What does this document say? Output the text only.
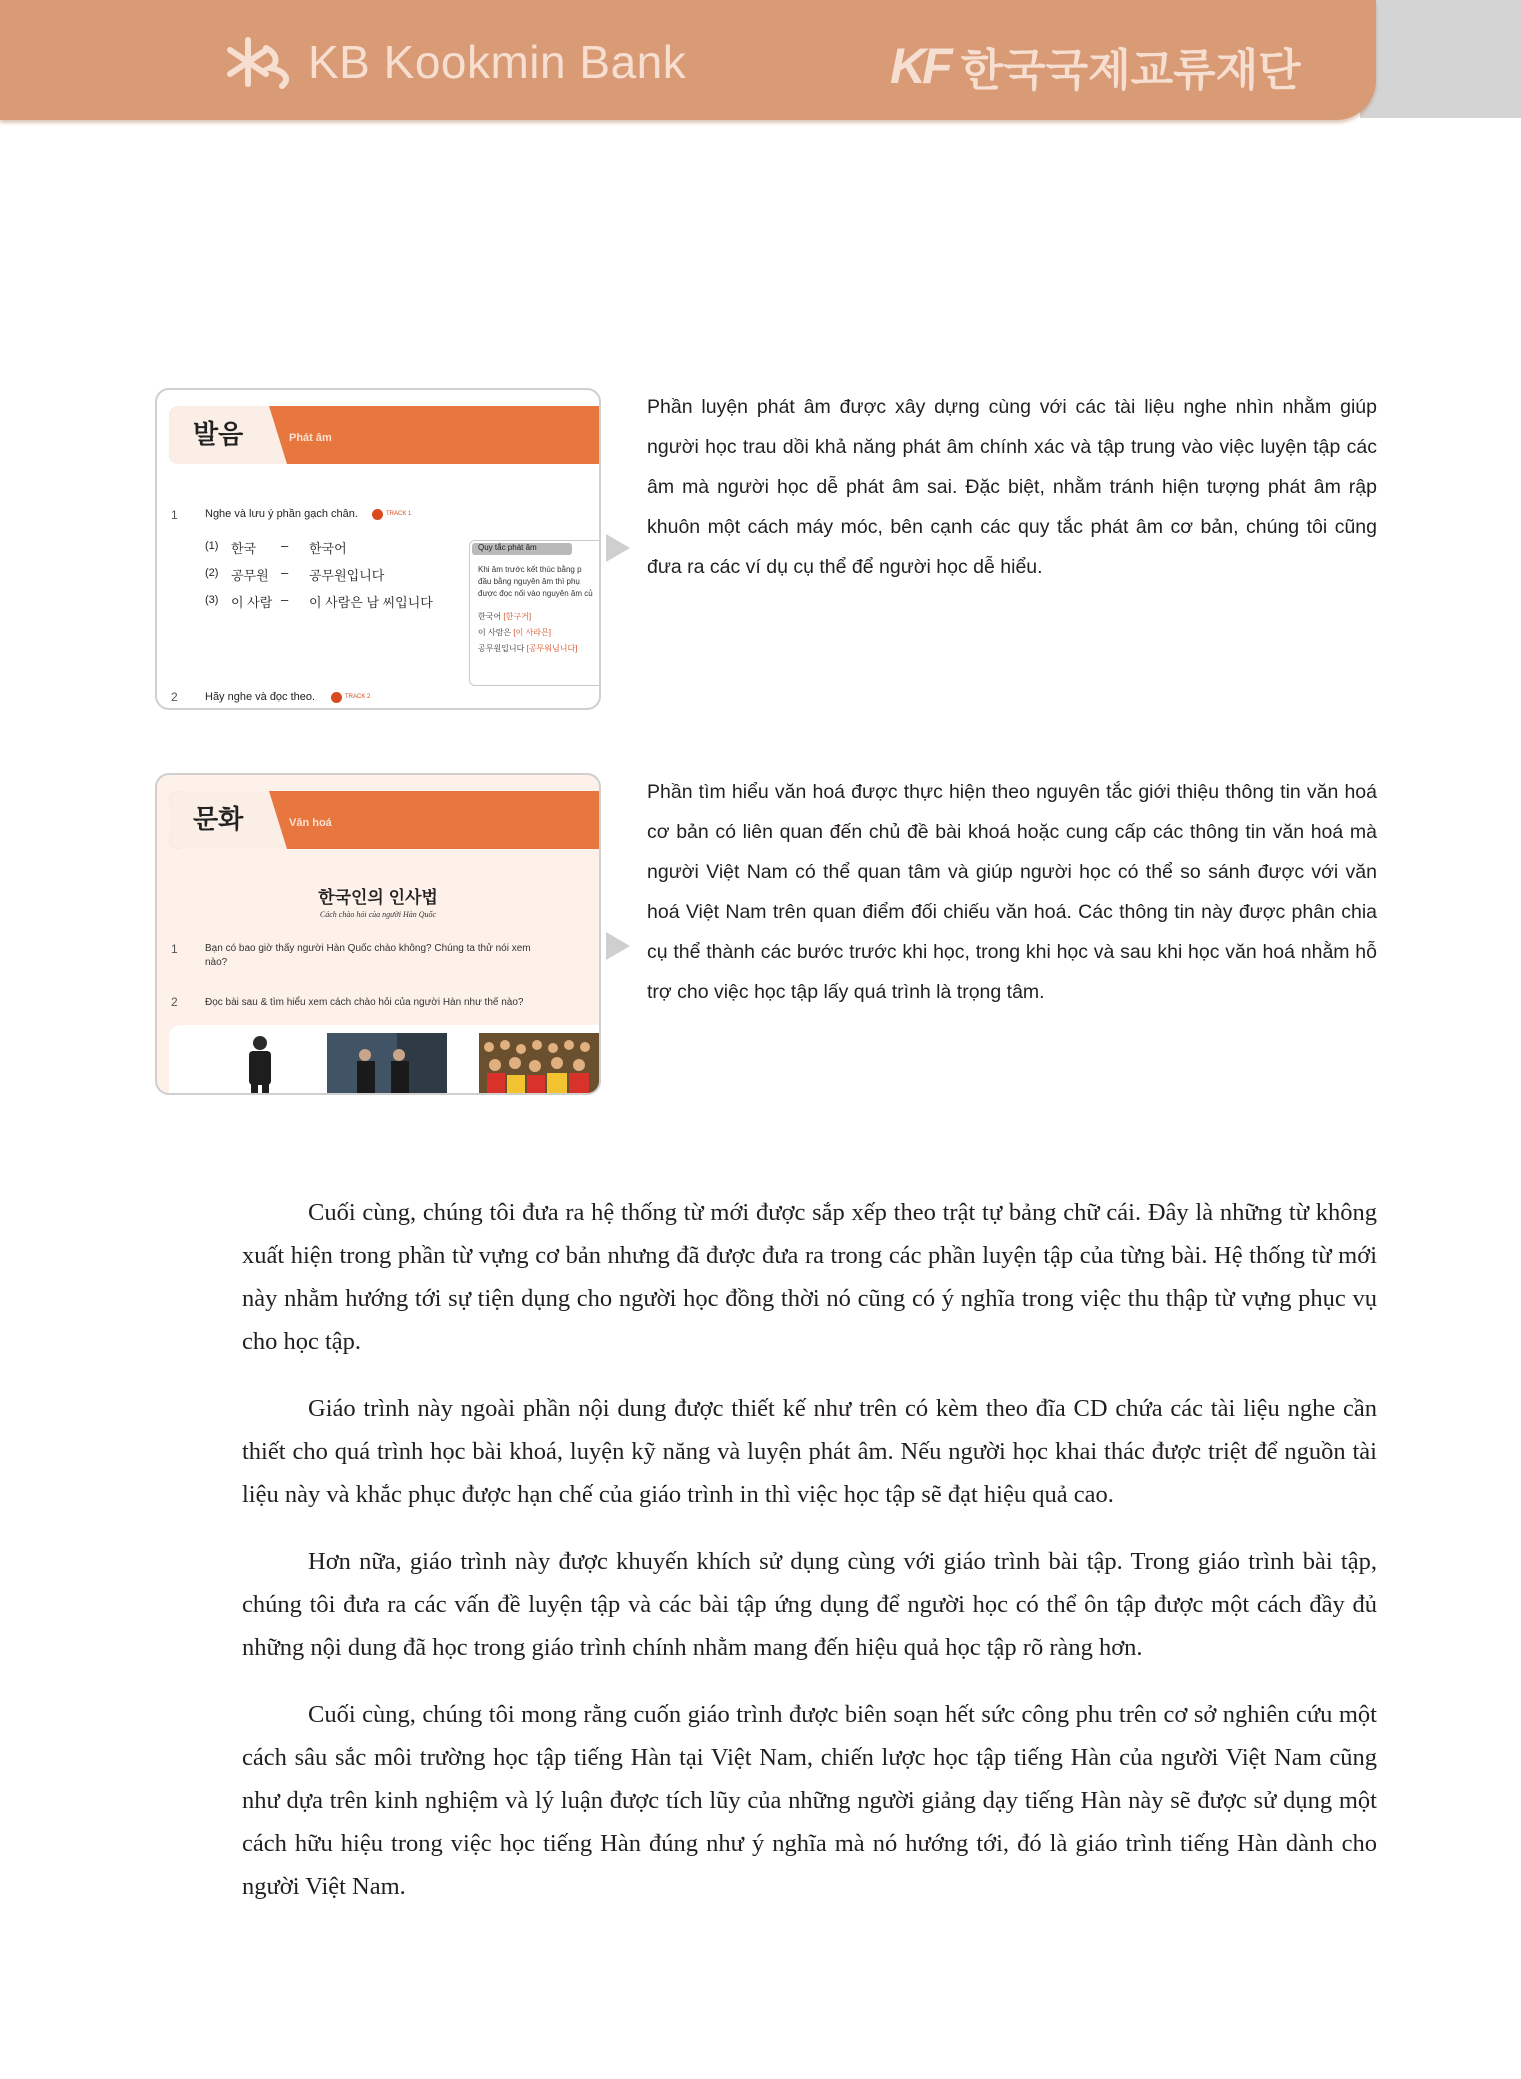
KB Kookmin Bank	KF 한국국제교류재단
발음	Phát âm
1 Nghe và lưu ý phần gạch chân.	TRACK 1
(1) 한국 – 한국어
(2) 공무원 – 공무원입니다
(3) 이 사람 – 이 사람은 남 씨입니다
Quy tắc phát âm
Khi âm trước kết thúc bằng p
đầu bằng nguyên âm thì phụ
được đọc nối vào nguyên âm củ
한국어 [한구거]
이 사람은 [이 사라믄]
공무원입니다 [공무워님니다]
2 Hãy nghe và đọc theo.	TRACK 2
Phần luyện phát âm được xây dựng cùng với các tài liệu nghe nhìn nhằm giúp người học trau dồi khả năng phát âm chính xác và tập trung vào việc luyện tập các âm mà người học dễ phát âm sai. Đặc biệt, nhằm tránh hiện tượng phát âm rập khuôn một cách máy móc, bên cạnh các quy tắc phát âm cơ bản, chúng tôi cũng đưa ra các ví dụ cụ thể để người học dễ hiểu.
문화	Văn hoá
한국인의 인사법
Cách chào hỏi của người Hàn Quốc
1	Bạn có bao giờ thấy người Hàn Quốc chào không? Chúng ta thử nói xem
nào?
2	Đọc bài sau & tìm hiểu xem cách chào hỏi của người Hàn như thế nào?
Phần tìm hiểu văn hoá được thực hiện theo nguyên tắc giới thiệu thông tin văn hoá cơ bản có liên quan đến chủ đề bài khoá hoặc cung cấp các thông tin văn hoá mà người Việt Nam có thể quan tâm và giúp người học có thể so sánh được với văn hoá Việt Nam trên quan điểm đối chiếu văn hoá. Các thông tin này được phân chia cụ thể thành các bước trước khi học, trong khi học và sau khi học văn hoá nhằm hỗ trợ cho việc học tập lấy quá trình là trọng tâm.

Cuối cùng, chúng tôi đưa ra hệ thống từ mới được sắp xếp theo trật tự bảng chữ cái. Đây là những từ không xuất hiện trong phần từ vựng cơ bản nhưng đã được đưa ra trong các phần luyện tập của từng bài. Hệ thống từ mới này nhằm hướng tới sự tiện dụng cho người học đồng thời nó cũng có ý nghĩa trong việc thu thập từ vựng phục vụ cho học tập.

Giáo trình này ngoài phần nội dung được thiết kế như trên có kèm theo đĩa CD chứa các tài liệu nghe cần thiết cho quá trình học bài khoá, luyện kỹ năng và luyện phát âm. Nếu người học khai thác được triệt để nguồn tài liệu này và khắc phục được hạn chế của giáo trình in thì việc học tập sẽ đạt hiệu quả cao.

Hơn nữa, giáo trình này được khuyến khích sử dụng cùng với giáo trình bài tập. Trong giáo trình bài tập, chúng tôi đưa ra các vấn đề luyện tập và các bài tập ứng dụng để người học có thể ôn tập được một cách đầy đủ những nội dung đã học trong giáo trình chính nhằm mang đến hiệu quả học tập rõ ràng hơn.

Cuối cùng, chúng tôi mong rằng cuốn giáo trình được biên soạn hết sức công phu trên cơ sở nghiên cứu một cách sâu sắc môi trường học tập tiếng Hàn tại Việt Nam, chiến lược học tập tiếng Hàn của người Việt Nam cũng như dựa trên kinh nghiệm và lý luận được tích lũy của những người giảng dạy tiếng Hàn này sẽ được sử dụng một cách hữu hiệu trong việc học tiếng Hàn đúng như ý nghĩa mà nó hướng tới, đó là giáo trình tiếng Hàn dành cho người Việt Nam.
